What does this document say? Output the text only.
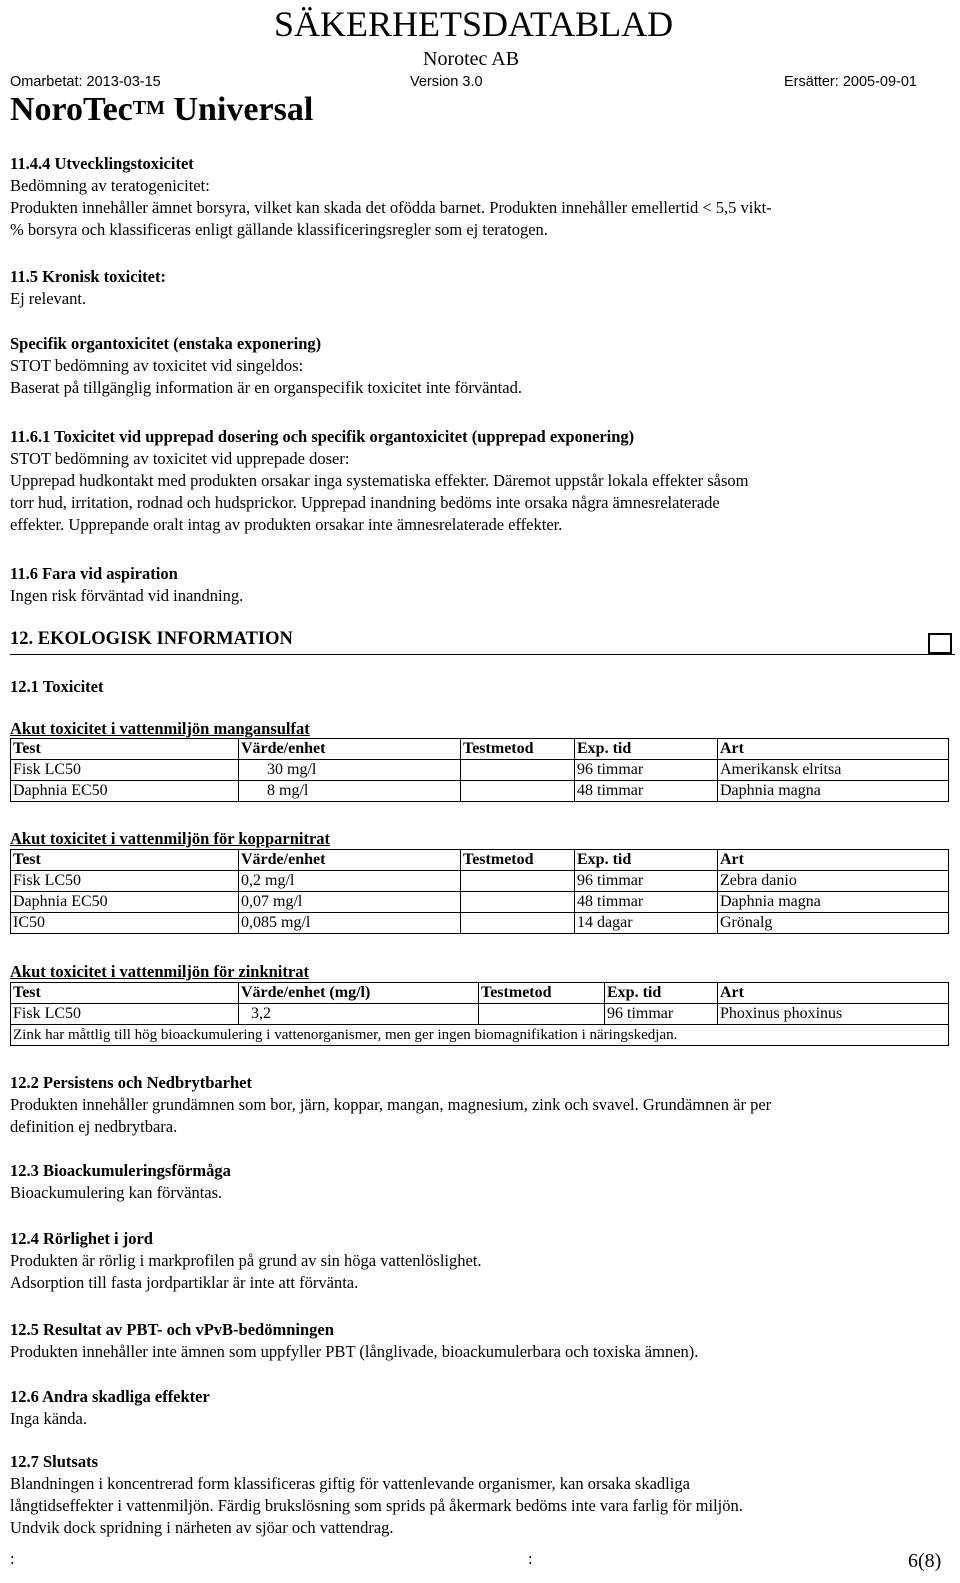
SÄKERHETSDATABLAD
Norotec AB
Omarbetat: 2013-03-15	Version 3.0	Ersätter: 2005-09-01
NoroTec™ Universal

11.4.4 Utvecklingstoxicitet

Bedömning av teratogenicitet:

Produkten innehåller ämnet borsyra, vilket kan skada det ofödda barnet. Produkten innehåller emellertid < 5,5 vikt-

% borsyra och klassificeras enligt gällande klassificeringsregler som ej teratogen.

11.5 Kronisk toxicitet:

Ej relevant.

Specifik organtoxicitet (enstaka exponering)

STOT bedömning av toxicitet vid singeldos:

Baserat på tillgänglig information är en organspecifik toxicitet inte förväntad.

11.6.1 Toxicitet vid upprepad dosering och specifik organtoxicitet (upprepad exponering)

STOT bedömning av toxicitet vid upprepade doser:

Upprepad hudkontakt med produkten orsakar inga systematiska effekter. Däremot uppstår lokala effekter såsom

torr hud, irritation, rodnad och hudsprickor. Upprepad inandning bedöms inte orsaka några ämnesrelaterade

effekter. Upprepande oralt intag av produkten orsakar inte ämnesrelaterade effekter.

11.6 Fara vid aspiration

Ingen risk förväntad vid inandning.

12. EKOLOGISK INFORMATION
12.1 Toxicitet
Akut toxicitet i vattenmiljön mangansulfat
Test	Värde/enhet	Testmetod	Exp. tid	Art
Fisk LC50	30 mg/l		96 timmar	Amerikansk elritsa
Daphnia EC50	8 mg/l		48 timmar	Daphnia magna
Akut toxicitet i vattenmiljön för kopparnitrat
Test	Värde/enhet	Testmetod	Exp. tid	Art
Fisk LC50	0,2 mg/l		96 timmar	Zebra danio
Daphnia EC50	0,07 mg/l		48 timmar	Daphnia magna
IC50	0,085 mg/l		14 dagar	Grönalg
Akut toxicitet i vattenmiljön för zinknitrat
Test	Värde/enhet (mg/l)	Testmetod	Exp. tid	Art
Fisk LC50	3,2		96 timmar	Phoxinus phoxinus
Zink har måttlig till hög bioackumulering i vattenorganismer, men ger ingen biomagnifikation i näringskedjan.				

12.2 Persistens och Nedbrytbarhet

Produkten innehåller grundämnen som bor, järn, koppar, mangan, magnesium, zink och svavel. Grundämnen är per

definition ej nedbrytbara.

12.3 Bioackumuleringsförmåga

Bioackumulering kan förväntas.

12.4 Rörlighet i jord

Produkten är rörlig i markprofilen på grund av sin höga vattenlöslighet.

Adsorption till fasta jordpartiklar är inte att förvänta.

12.5 Resultat av PBT- och vPvB-bedömningen

Produkten innehåller inte ämnen som uppfyller PBT (långlivade, bioackumulerbara och toxiska ämnen).

12.6 Andra skadliga effekter

Inga kända.

12.7 Slutsats

Blandningen i koncentrerad form klassificeras giftig för vattenlevande organismer, kan orsaka skadliga

långtidseffekter i vattenmiljön. Färdig brukslösning som sprids på åkermark bedöms inte vara farlig för miljön.

Undvik dock spridning i närheten av sjöar och vattendrag.

:	:	6(8)
